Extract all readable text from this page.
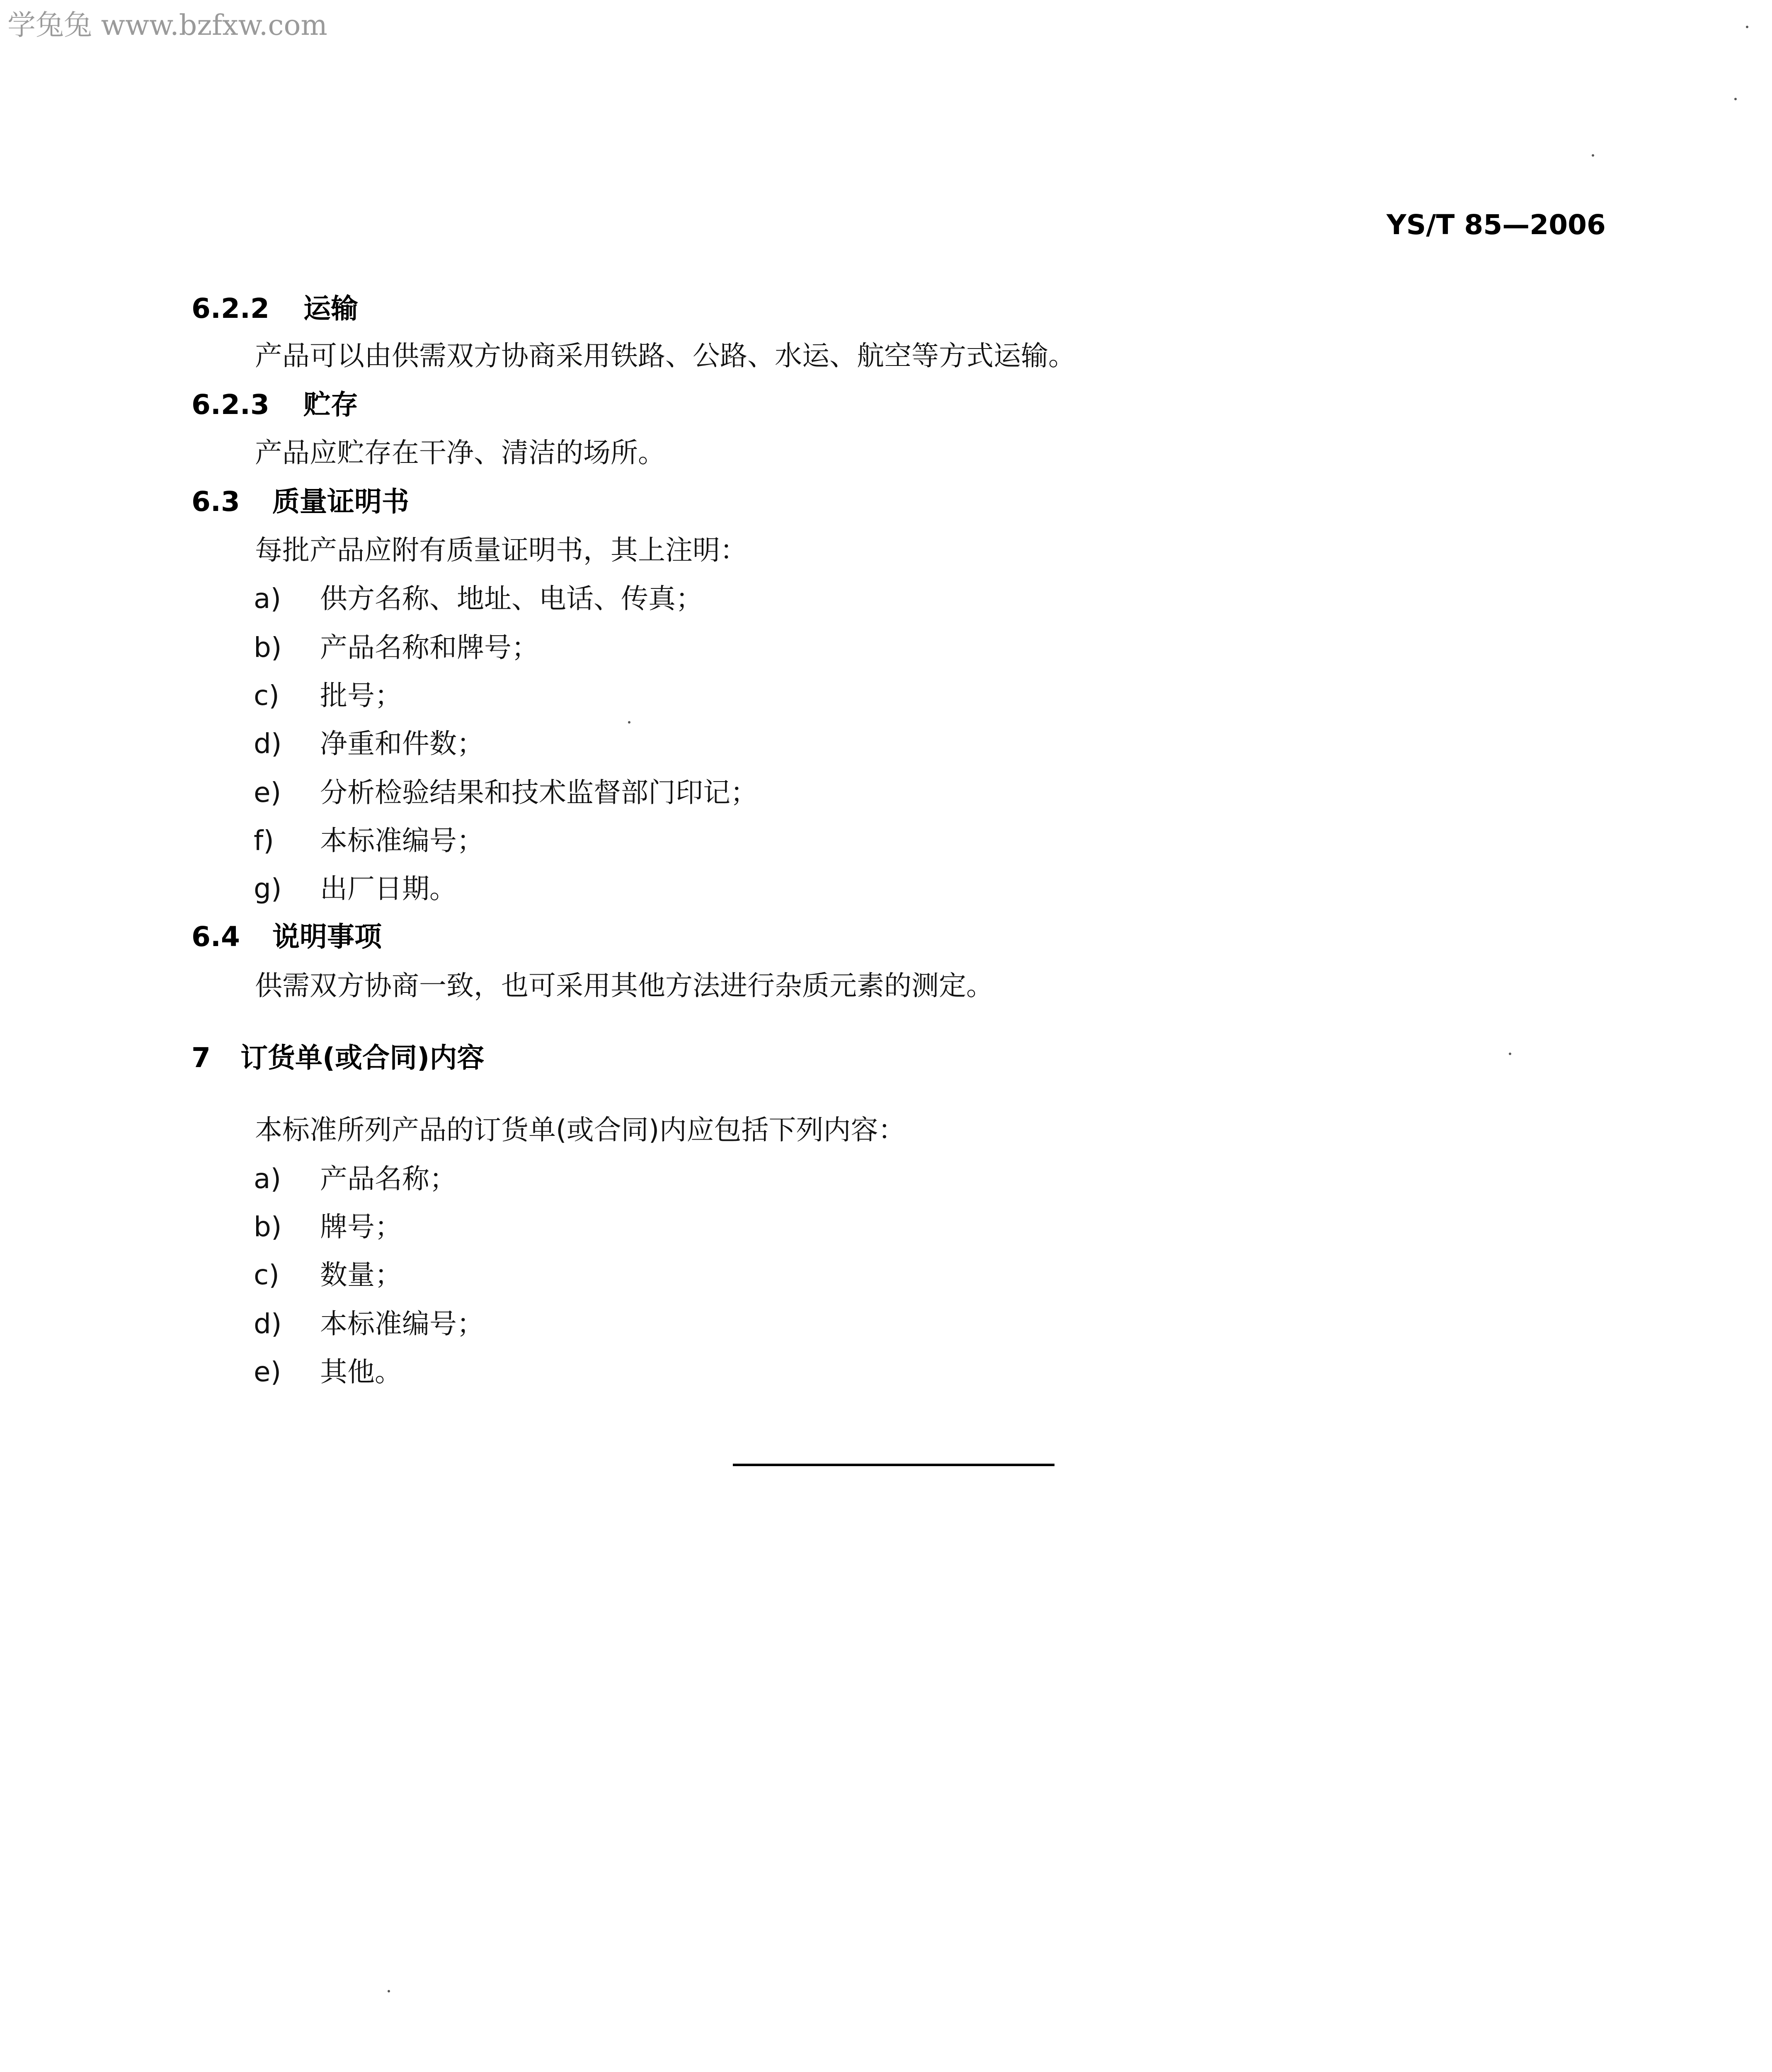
学兔兔 www.bzfxw.com
YS/T 85—2006
6.2.2 运输
产品可以由供需双方协商采用铁路、公路、水运、航空等方式运输。
6.2.3 贮存
产品应贮存在干净、清洁的场所。
6.3 质量证明书
每批产品应附有质量证明书，其上注明：
a) 供方名称、地址、电话、传真；
b) 产品名称和牌号；
c) 批号；
d) 净重和件数；
e) 分析检验结果和技术监督部门印记；
f) 本标准编号；
g) 出厂日期。
6.4 说明事项
供需双方协商一致，也可采用其他方法进行杂质元素的测定。
7 订货单(或合同)内容
本标准所列产品的订货单(或合同)内应包括下列内容：
a) 产品名称；
b) 牌号；
c) 数量；
d) 本标准编号；
e) 其他。
